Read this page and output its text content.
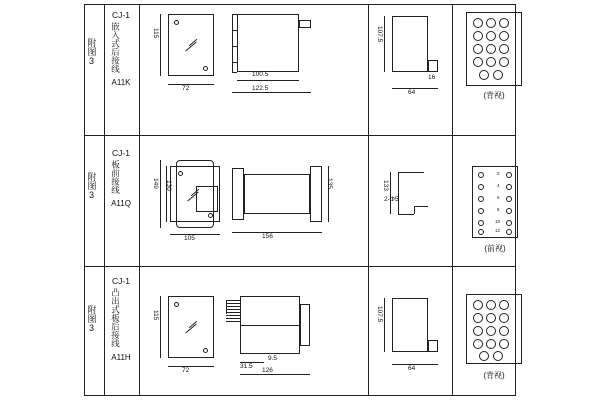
附图3
CJ-1
嵌入式后接线
A11K
115
72
100.5
122.5
107.5
16
64	(背视)
附图3
CJ-1
板前接线
A11Q
149 130
105	156
135	133
2-Φ5
2
4
6
8
10
12
(前视)
附图3
CJ-1
凸出式板后接线
A11H
115
72
31.5
9.5
126
107.5
64
(背视)
